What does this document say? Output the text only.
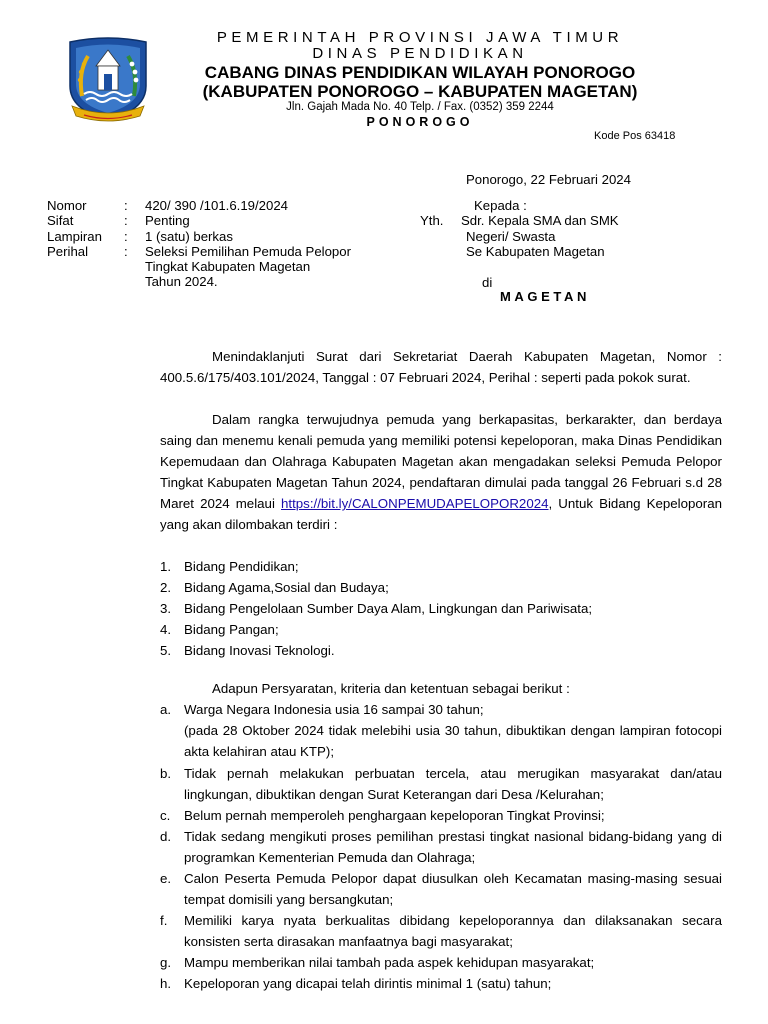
PEMERINTAH PROVINSI JAWA TIMUR
DINAS PENDIDIKAN
CABANG DINAS PENDIDIKAN WILAYAH PONOROGO
(KABUPATEN PONOROGO – KABUPATEN MAGETAN)
Jln. Gajah Mada No. 40 Telp. / Fax. (0352) 359 2244
PONOROGO
Kode Pos 63418
Ponorogo, 22 Februari 2024
Nomor	: 420/ 390 /101.6.19/2024
Sifat	: Penting
Lampiran : 1 (satu) berkas
Perihal	: Seleksi Pemilihan Pemuda Pelopor
Tingkat Kabupaten Magetan
Tahun 2024.
Kepada :
Yth. Sdr. Kepala SMA dan SMK
Negeri/ Swasta
Se Kabupaten Magetan
di
MAGETAN
Menindaklanjuti Surat dari Sekretariat Daerah Kabupaten Magetan, Nomor : 400.5.6/175/403.101/2024, Tanggal : 07 Februari 2024, Perihal : seperti pada pokok surat.
Dalam rangka terwujudnya pemuda yang berkapasitas, berkarakter, dan berdaya saing dan menemu kenali pemuda yang memiliki potensi kepeloporan, maka Dinas Pendidikan Kepemudaan dan Olahraga Kabupaten Magetan akan mengadakan seleksi Pemuda Pelopor Tingkat Kabupaten Magetan Tahun 2024, pendaftaran dimulai pada tanggal 26 Februari s.d 28 Maret 2024 melaui https://bit.ly/CALONPEMUDAPELOPOR2024, Untuk Bidang Kepeloporan yang akan dilombakan terdiri :
1. Bidang Pendidikan;
2. Bidang Agama,Sosial dan Budaya;
3. Bidang Pengelolaan Sumber Daya Alam, Lingkungan dan Pariwisata;
4. Bidang Pangan;
5. Bidang Inovasi Teknologi.
Adapun Persyaratan, kriteria dan ketentuan sebagai berikut :
a. Warga Negara Indonesia usia 16 sampai 30 tahun;
(pada 28 Oktober 2024 tidak melebihi usia 30 tahun, dibuktikan dengan lampiran fotocopi akta kelahiran atau KTP);
b. Tidak pernah melakukan perbuatan tercela, atau merugikan masyarakat dan/atau lingkungan, dibuktikan dengan Surat Keterangan dari Desa /Kelurahan;
c. Belum pernah memperoleh penghargaan kepeloporan Tingkat Provinsi;
d. Tidak sedang mengikuti proses pemilihan prestasi tingkat nasional bidang-bidang yang di programkan Kementerian Pemuda dan Olahraga;
e. Calon Peserta Pemuda Pelopor dapat diusulkan oleh Kecamatan masing-masing sesuai tempat domisili yang bersangkutan;
f. Memiliki karya nyata berkualitas dibidang kepeloporannya dan dilaksanakan secara konsisten serta dirasakan manfaatnya bagi masyarakat;
g. Mampu memberikan nilai tambah pada aspek kehidupan masyarakat;
h. Kepeloporan yang dicapai telah dirintis minimal 1 (satu) tahun;
